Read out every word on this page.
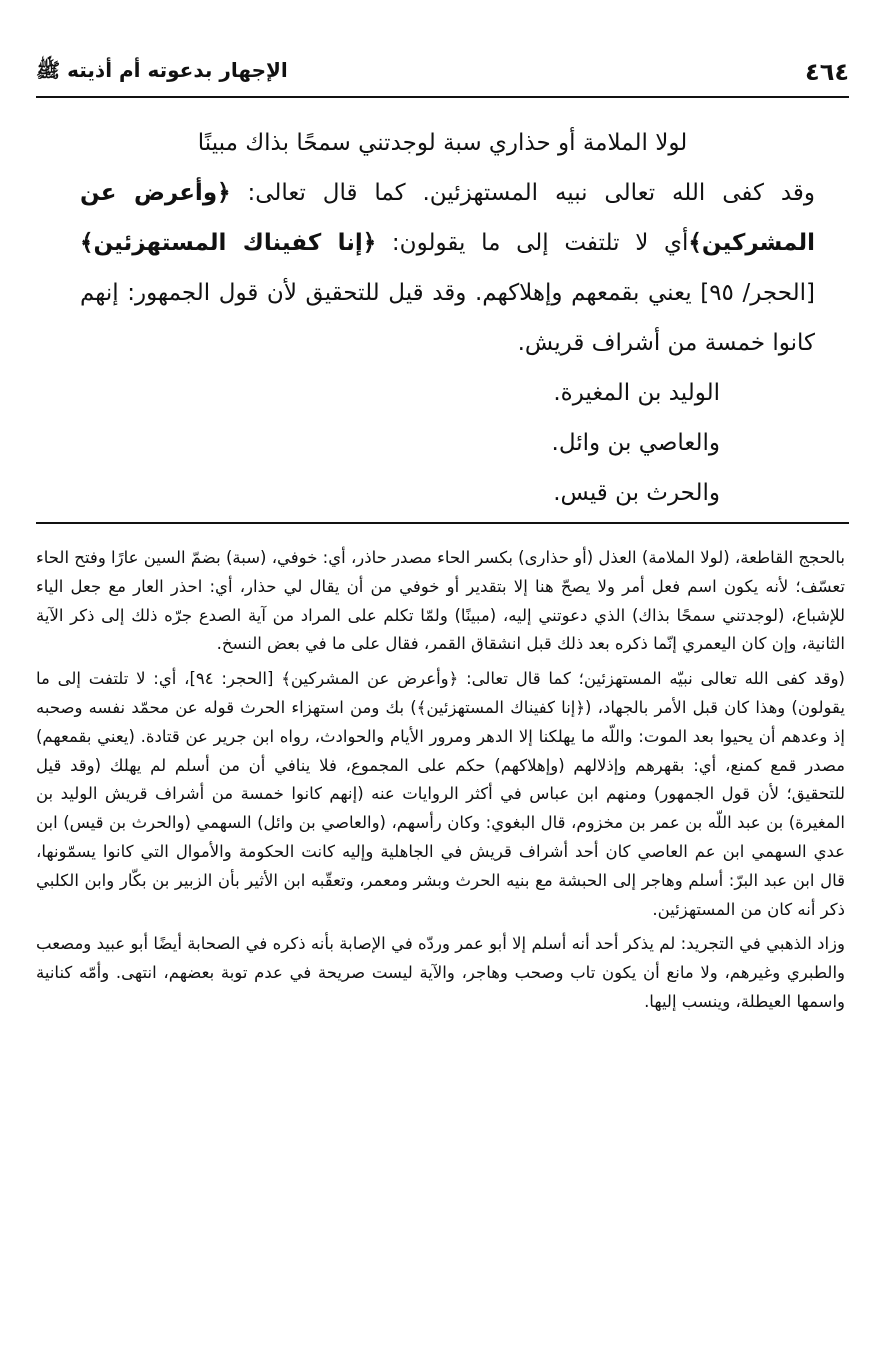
٤٦٤
الإجهار بدعوته أم أذيته ﷺ

لولا الملامة أو حذاري سبة لوجدتني سمحًا بذاك مبينًا

وقد كفى الله تعالى نبيه المستهزئين. كما قال تعالى: ﴿وأعرض عن المشركين﴾أي لا تلتفت إلى ما يقولون: ﴿إنا كفيناك المستهزئين﴾ [الحجر/ ٩٥] يعني بقمعهم وإهلاكهم. وقد قيل للتحقيق لأن قول الجمهور: إنهم كانوا خمسة من أشراف قريش.

الوليد بن المغيرة.

والعاصي بن وائل.

والحرث بن قيس.

بالحجج القاطعة، (لولا الملامة) العذل (أو حذارى) بكسر الحاء مصدر حاذر، أي: خوفي، (سبة) بضمّ السين عارًا وفتح الحاء تعسّف؛ لأنه يكون اسم فعل أمر ولا يصحّ هنا إلا بتقدير أو خوفي من أن يقال لي حذار، أي: احذر العار مع جعل الياء للإشباع، (لوجدتني سمحًا بذاك) الذي دعوتني إليه، (مبينًا) ولمّا تكلم على المراد من آية الصدع جرّه ذلك إلى ذكر الآية الثانية، وإن كان اليعمري إنّما ذكره بعد ذلك قبل انشقاق القمر، فقال على ما في بعض النسخ.

(وقد كفى الله تعالى نبيّه المستهزئين؛ كما قال تعالى: ﴿وأعرض عن المشركين﴾ [الحجر: ٩٤]، أي: لا تلتفت إلى ما يقولون) وهذا كان قبل الأمر بالجهاد، (﴿إنا كفيناك المستهزئين﴾) بك ومن استهزاء الحرث قوله عن محمّد نفسه وصحبه إذ وعدهم أن يحيوا بعد الموت: واللّه ما يهلكنا إلا الدهر ومرور الأيام والحوادث، رواه ابن جرير عن قتادة. (يعني بقمعهم) مصدر قمع كمنع، أي: بقهرهم وإذلالهم (وإهلاكهم) حكم على المجموع، فلا ينافي أن من أسلم لم يهلك (وقد قيل للتحقيق؛ لأن قول الجمهور) ومنهم ابن عباس في أكثر الروايات عنه (إنهم كانوا خمسة من أشراف قريش الوليد بن المغيرة) بن عبد اللّه بن عمر بن مخزوم، قال البغوي: وكان رأسهم، (والعاصي بن وائل) السهمي (والحرث بن قيس) ابن عدي السهمي ابن عم العاصي كان أحد أشراف قريش في الجاهلية وإليه كانت الحكومة والأموال التي كانوا يسمّونها، قال ابن عبد البرّ: أسلم وهاجر إلى الحبشة مع بنيه الحرث وبشر ومعمر، وتعقّبه ابن الأثير بأن الزبير بن بكّار وابن الكلبي ذكر أنه كان من المستهزئين.

وزاد الذهبي في التجريد: لم يذكر أحد أنه أسلم إلا أبو عمر وردّه في الإصابة بأنه ذكره في الصحابة أيضًا أبو عبيد ومصعب والطبري وغيرهم، ولا مانع أن يكون تاب وصحب وهاجر، والآية ليست صريحة في عدم توبة بعضهم، انتهى. وأمّه كنانية واسمها العيطلة، وينسب إليها.
